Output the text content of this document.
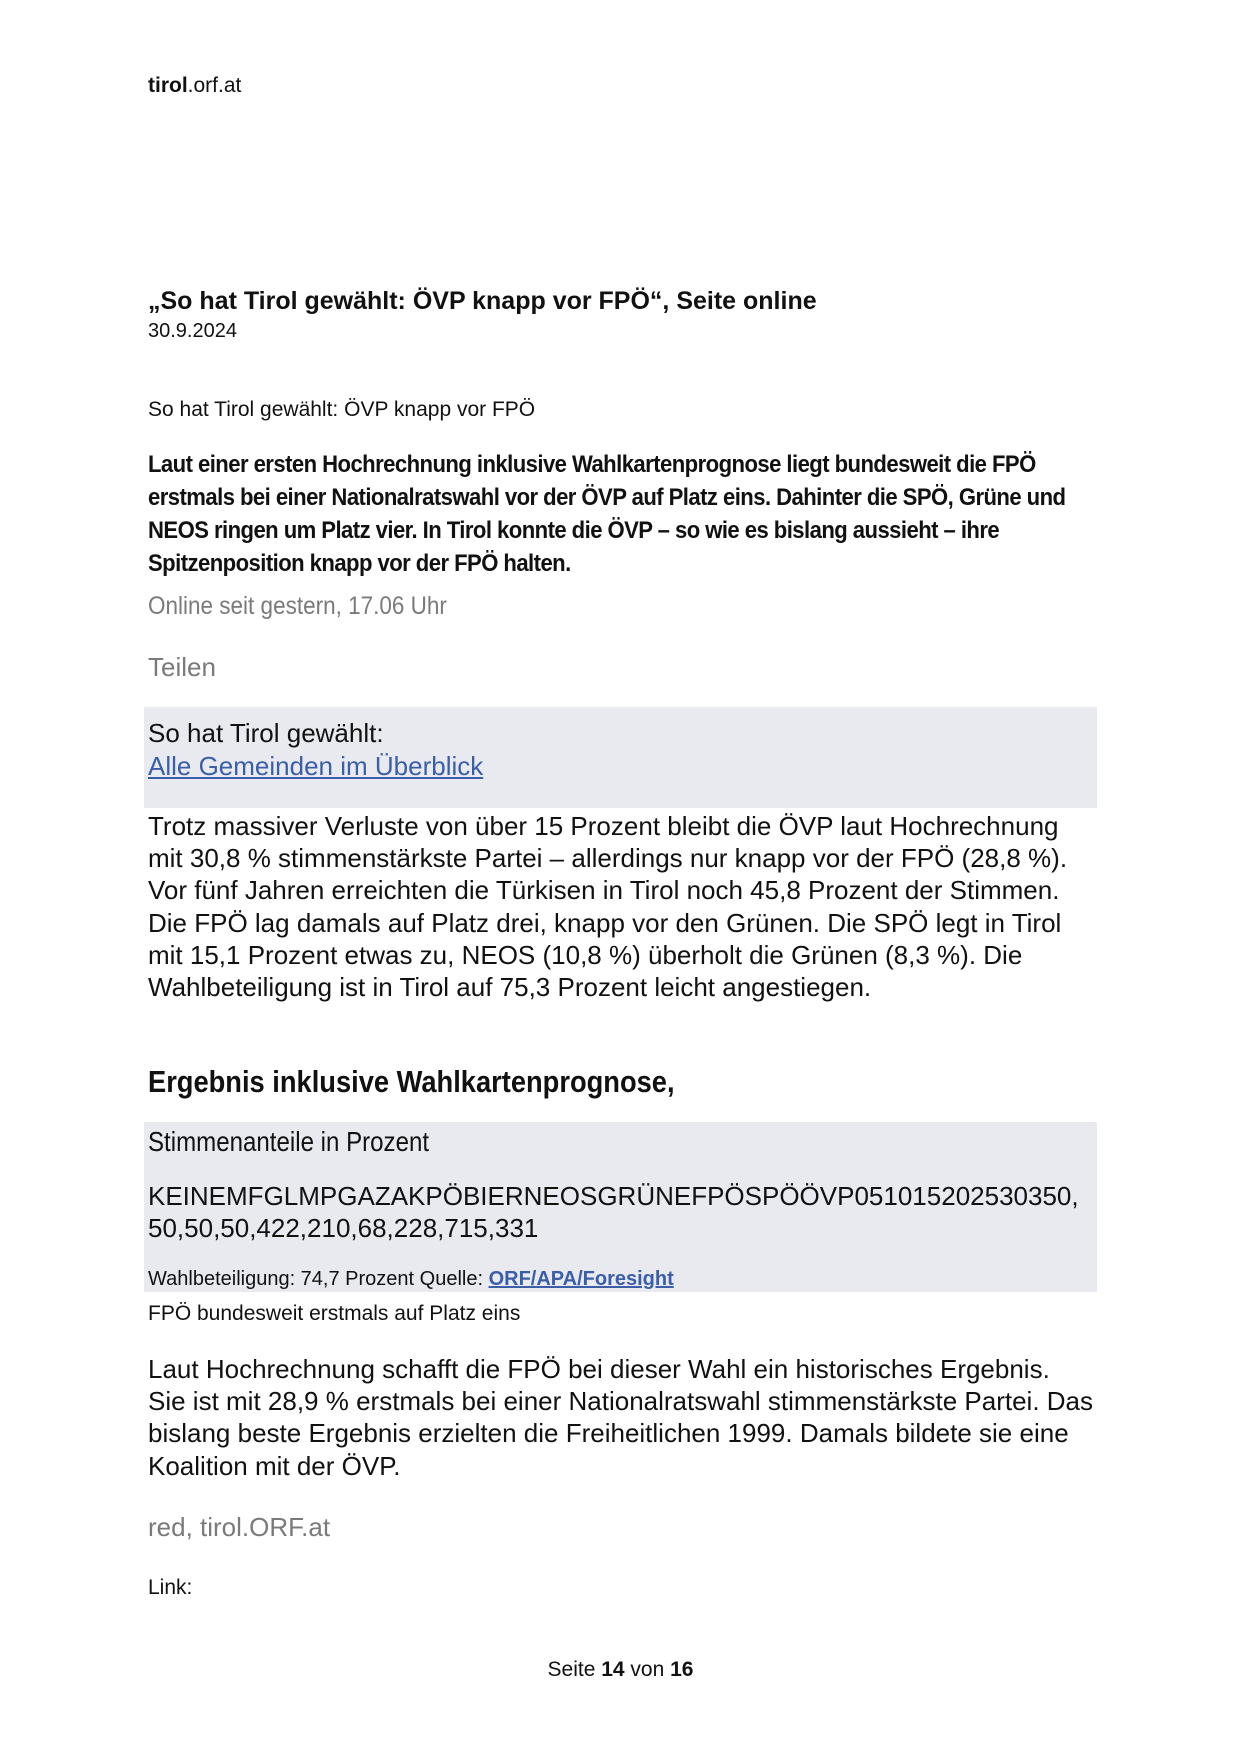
tirol.orf.at
„So hat Tirol gewählt: ÖVP knapp vor FPÖ“, Seite online
30.9.2024
So hat Tirol gewählt: ÖVP knapp vor FPÖ
Laut einer ersten Hochrechnung inklusive Wahlkartenprognose liegt bundesweit die FPÖ erstmals bei einer Nationalratswahl vor der ÖVP auf Platz eins. Dahinter die SPÖ, Grüne und NEOS ringen um Platz vier. In Tirol konnte die ÖVP – so wie es bislang aussieht – ihre Spitzenposition knapp vor der FPÖ halten.
Online seit gestern, 17.06 Uhr
Teilen
So hat Tirol gewählt:
Alle Gemeinden im Überblick
Trotz massiver Verluste von über 15 Prozent bleibt die ÖVP laut Hochrechnung mit 30,8 % stimmenstärkste Partei – allerdings nur knapp vor der FPÖ (28,8 %). Vor fünf Jahren erreichten die Türkisen in Tirol noch 45,8 Prozent der Stimmen. Die FPÖ lag damals auf Platz drei, knapp vor den Grünen. Die SPÖ legt in Tirol mit 15,1 Prozent etwas zu, NEOS (10,8 %) überholt die Grünen (8,3 %). Die Wahlbeteiligung ist in Tirol auf 75,3 Prozent leicht angestiegen.
Ergebnis inklusive Wahlkartenprognose,
Stimmenanteile in Prozent
KEINEMFGLMPGAZAKPÖBIERNEOSGRÜNEFPÖSPÖÖVP051015202530350,50,50,50,422,210,68,228,715,331
Wahlbeteiligung: 74,7 Prozent Quelle: ORF/APA/Foresight
FPÖ bundesweit erstmals auf Platz eins
Laut Hochrechnung schafft die FPÖ bei dieser Wahl ein historisches Ergebnis. Sie ist mit 28,9 % erstmals bei einer Nationalratswahl stimmenstärkste Partei. Das bislang beste Ergebnis erzielten die Freiheitlichen 1999. Damals bildete sie eine Koalition mit der ÖVP.
red, tirol.ORF.at
Link:
Seite 14 von 16
